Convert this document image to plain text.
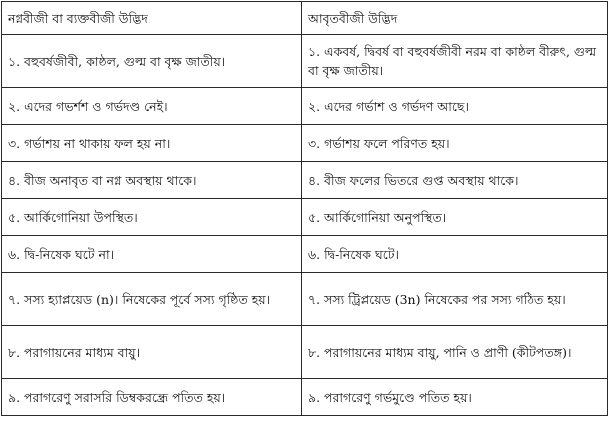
নগ্নবীজী বা ব্যক্তবীজী উদ্ভিদ	আবৃতবীজী উদ্ভিদ
১. বহুবর্ষজীবী, কাষ্ঠল, গুল্ম বা বৃক্ষ জাতীয়।	১. একবর্ষ, দ্বিবর্ষ বা বহুবর্ষজীবী নরম বা কাষ্ঠল বীরুৎ, গুল্ম বা বৃক্ষ জাতীয়।
২. এদের গভর্শশ ও গর্ভদণ্ড নেই।	২. এদের গর্ভাশ ও গর্ভদণ আছে।
৩. গর্ভাশয় না থাকায় ফল হয় না।	৩. গর্ভাশয় ফলে পরিণত হয়।
৪. বীজ অনাবৃত বা নগ্ন অবস্থায় থাকে।	৪. বীজ ফলের ভিতরে গুপ্ত অবস্থায় থাকে।
৫. আর্কিগোনিয়া উপস্থিত।	৫. আর্কিগোনিয়া অনুপস্থিত।
৬. দ্বি-নিষেক ঘটে না।	৬. দ্বি-নিষেক ঘটে।
৭. সস্য হ্যাপ্লয়েড (n)। নিষেকের পূর্বে সস্য গৃষ্ঠিত হয়।	৭. সস্য ট্রিপ্লয়েড (3n) নিষেকের পর সস্য গঠিত হয়।
৮. পরাগায়নের মাধ্যম বায়ু।	৮. পরাগায়নের মাধ্যম বায়ু, পানি ও প্রাণী (কীটপতঙ্গ)।
৯. পরাগরেণু সরাসরি ডিম্বকরন্ধ্রে পতিত হয়।	৯. পরাগরেণু গর্ভমুণ্ডে পতিত হয়।
